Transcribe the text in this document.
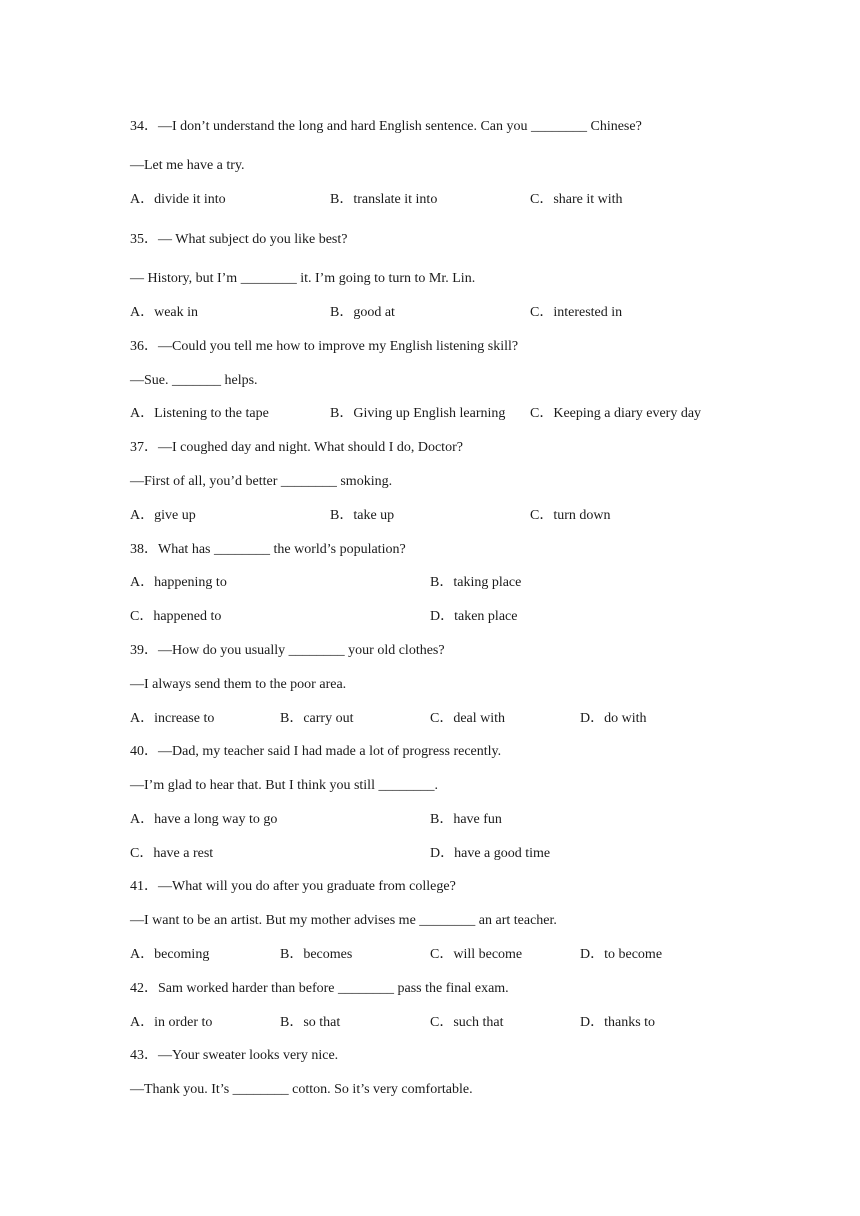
34．—I don’t understand the long and hard English sentence. Can you ________ Chinese?
—Let me have a try.
A．divide it into	B．translate it into	C．share it with
35．— What subject do you like best?
— History, but I’m ________ it. I’m going to turn to Mr. Lin.
A．weak in	B．good at	C．interested in
36．—Could you tell me how to improve my English listening skill?
—Sue. _______ helps.
A．Listening to the tape	B．Giving up English learning C．Keeping a diary every day
37．—I coughed day and night. What should I do, Doctor?
—First of all, you’d better ________ smoking.
A．give up	B．take up	C．turn down
38．What has ________ the world’s population?
A．happening to	B．taking place
C．happened to	D．taken place
39．—How do you usually ________ your old clothes?
—I always send them to the poor area.
A．increase to	B．carry out	C．deal with	D．do with
40．—Dad, my teacher said I had made a lot of progress recently.
—I’m glad to hear that. But I think you still ________.
A．have a long way to go	B．have fun
C．have a rest	D．have a good time
41．—What will you do after you graduate from college?
—I want to be an artist. But my mother advises me ________ an art teacher.
A．becoming	B．becomes	C．will become	D．to become
42．Sam worked harder than before ________ pass the final exam.
A．in order to	B．so that	C．such that	D．thanks to
43．—Your sweater looks very nice.
—Thank you. It’s ________ cotton. So it’s very comfortable.
